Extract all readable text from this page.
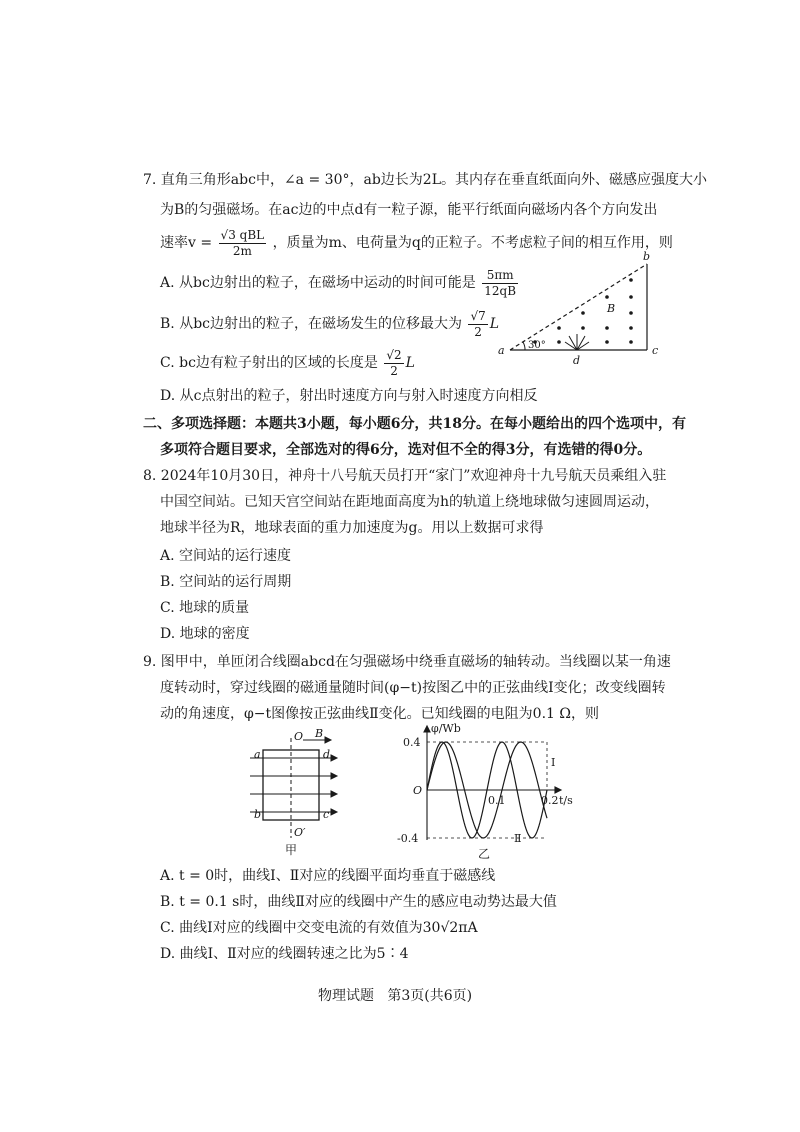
7. 直角三角形abc中，∠a = 30°，ab边长为2L。其内存在垂直纸面向外、磁感应强度大小
为B的匀强磁场。在ac边的中点d有一粒子源，能平行纸面向磁场内各个方向发出
速率$v = \frac{\text{√3 qBL}}{2m}$ ，质量为m、电荷量为q的正粒子。不考虑粒子间的相互作用，则
A. 从bc边射出的粒子，在磁场中运动的时间可能是 $\frac{5\pi m}{12qB}$
B. 从bc边射出的粒子，在磁场发生的位移最大为 $\frac{√7}{2}$ L
C. bc边有粒子射出的区域的长度是 $\frac{√2}{2}$ L
D. 从c点射出的粒子，射出时速度方向与射入时速度方向相反
a
b
c
d
B
30°
二、多项选择题：本题共3小题，每小题6分，共18分。在每小题给出的四个选项中，有
多项符合题目要求，全部选对的得6分，选对但不全的得3分，有选错的得0分。
8. 2024年10月30日，神舟十八号航天员打开“家门”欢迎神舟十九号航天员乘组入驻
中国空间站。已知天宫空间站在距地面高度为h的轨道上绕地球做匀速圆周运动，
地球半径为R，地球表面的重力加速度为g。用以上数据可求得
A. 空间站的运行速度
B. 空间站的运行周期
C. 地球的质量
D. 地球的密度
9. 图甲中，单匝闭合线圈abcd在匀强磁场中绕垂直磁场的轴转动。当线圈以某一角速
度转动时，穿过线圈的磁通量随时间(φ−t)按图乙中的正弦曲线Ⅰ变化；改变线圈转
动的角速度，φ−t图像按正弦曲线Ⅱ变化。已知线圈的电阻为0.1 Ω，则
O B
a	d
b	c
O′
甲
φ/Wb
0.4
-0.4
O
0.1	0.2 t/s
Ⅰ
Ⅱ
乙
A. t = 0时，曲线Ⅰ、Ⅱ对应的线圈平面均垂直于磁感线
B. t = 0.1 s时，曲线Ⅱ对应的线圈中产生的感应电动势达最大值
C. 曲线Ⅰ对应的线圈中交变电流的有效值为30√2πA
D. 曲线Ⅰ、Ⅱ对应的线圈转速之比为5∶4
物理试题   第3页(共6页)
